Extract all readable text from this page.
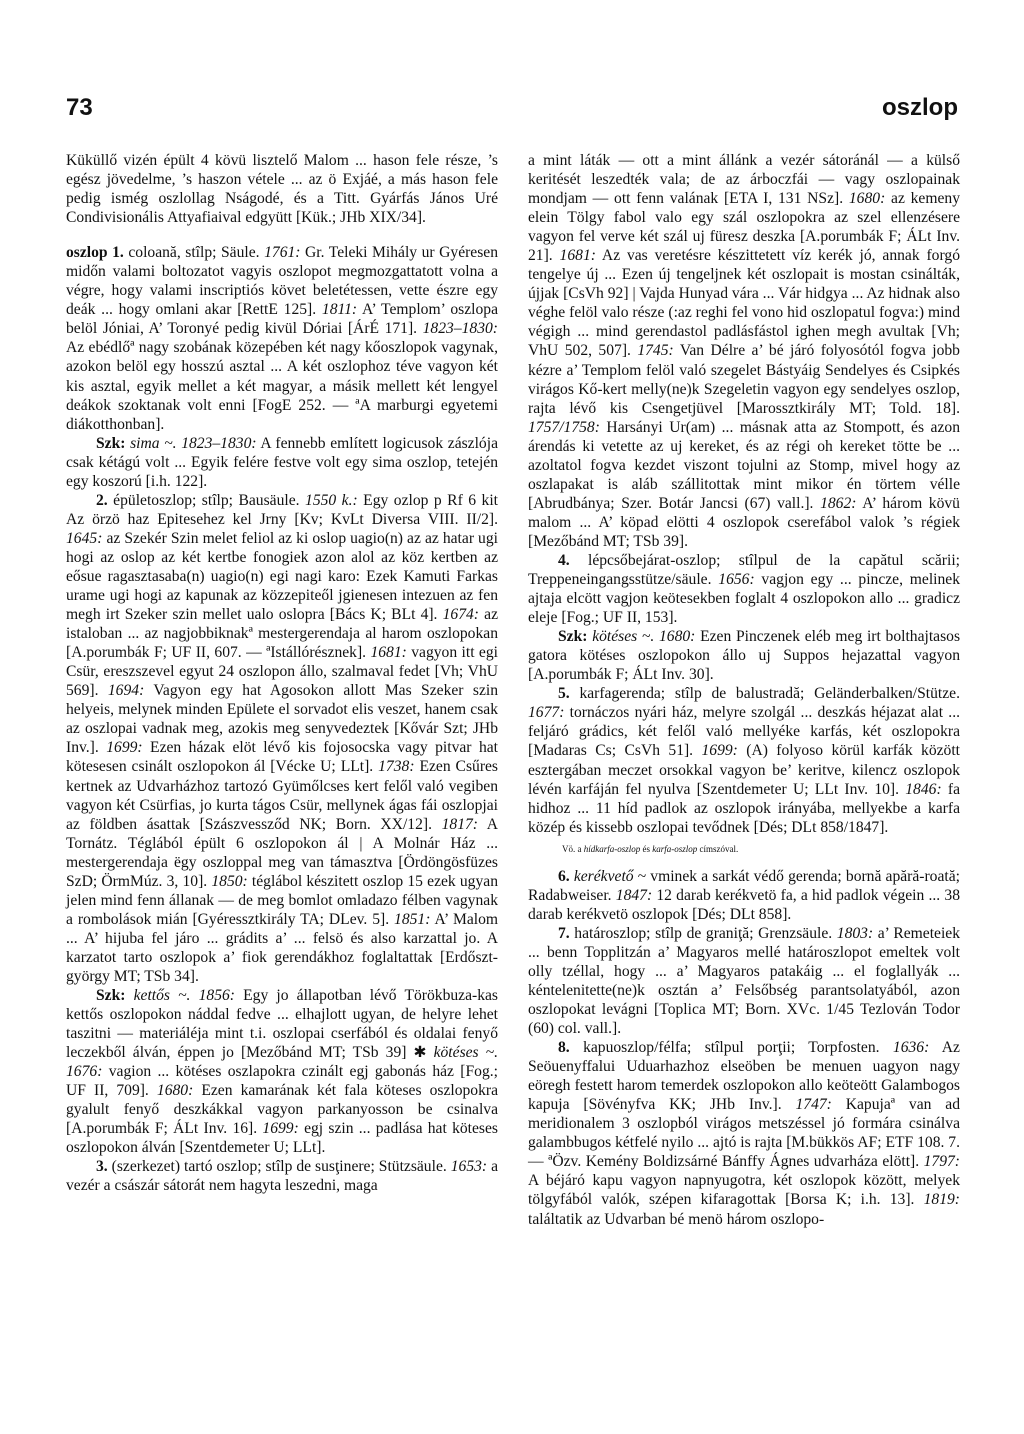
73	oszlop

Küküllő vizén épült 4 kövü lisztelő Malom ... hason fele része, ’s egész jövedelme, ’s haszon vétele ... az ö Exjáé, a más hason fele pedig ismég oszlollag Nságodé, és a Titt. Gyárfás János Uré Condivisionális Attyafiaival edgyütt [Kük.; JHb XIX/34].

oszlop 1. coloană, stîlp; Säule. 1761: Gr. Teleki Mihály ur Gyéresen midőn valami boltozatot vagyis oszlopot megmozgattatott volna a végre, hogy valami inscriptiós követ beletétessen, vette észre egy deák ... hogy omlani akar [RettE 125]. 1811: A’ Templom’ oszlopa belöl Jóniai, A’ Toronyé pedig kivül Dóriai [ÁrÉ 171]. 1823–1830: Az ebédlőª nagy szobának közepében két nagy kőoszlopok vagynak, azokon belöl egy hosszú asztal ... A két oszlophoz téve vagyon két kis asztal, egyik mellet a két magyar, a másik mellett két lengyel deákok szoktanak volt enni [FogE 252. — ªA marburgi egyetemi diákotthonban].

Szk: sima ~. 1823–1830: A fennebb említett logicusok zászlója csak kétágú volt ... Egyik felére festve volt egy sima oszlop, tetején egy koszorú [i.h. 122].

2. épületoszlop; stîlp; Bausäule. 1550 k.: Egy ozlop p Rf 6 kit Az örzö haz Epitesehez kel Jrny [Kv; KvLt Diversa VIII. II/2]. 1645: az Szekér Szin melet feliol az ki oslop uagio(n) az az hatar ugi hogi az oslop az két kertbe fonogiek azon alol az köz kertben az eősue ragasztasaba(n) uagio(n) egi nagi karo: Ezek Kamuti Farkas urame ugi hogi az kapunak az közzepiteől jgienesen intezuen az fen megh irt Szeker szin mellet ualo oslopra [Bács K; BLt 4]. 1674: az istaloban ... az nagjobbiknakª mestergerendaja al harom oszlopokan [A.porumbák F; UF II, 607. — ªIstállórésznek]. 1681: vagyon itt egi Csür, ereszszevel egyut 24 oszlopon állo, szalmaval fedet [Vh; VhU 569]. 1694: Vagyon egy hat Agosokon allott Mas Szeker szin helyeis, melynek minden Epülete el sorvadot elis veszet, hanem csak az oszlopai vadnak meg, azokis meg senyvedeztek [Kővár Szt; JHb Inv.]. 1699: Ezen házak elöt lévő kis fojosocska vagy pitvar hat kötesesen csinált oszlopokon ál [Vécke U; LLt]. 1738: Ezen Csűres kertnek az Udvarházhoz tartozó Gyümőlcses kert felől való vegiben vagyon két Csürfias, jo kurta tágos Csür, mellynek ágas fái oszlopjai az földben ásattak [Szászvessződ NK; Born. XX/12]. 1817: A Tornátz. Téglából épült 6 oszlopokon ál | A Molnár Ház ... mestergerendaja ëgy oszloppal meg van támasztva [Ördöngösfüzes SzD; ÖrmMúz. 3, 10]. 1850: téglábol készitett oszlop 15 ezek ugyan jelen mind fenn állanak — de meg bomlot omladazo félben vagynak a rombolások mián [Gyéressztkirály TA; DLev. 5]. 1851: A’ Malom ... A’ hijuba fel járo ... grádits a’ ... felsö és also karzattal jo. A karzatot tarto oszlopok a’ fiok gerendákhoz foglaltattak [Erdősztgyörgy MT; TSb 34].

Szk: kettős ~. 1856: Egy jo állapotban lévő Törökbuza-kas kettős oszlopokon náddal fedve ... elhajlott ugyan, de helyre lehet taszitni — materiáléja mint t.i. oszlopai cserfából és oldalai fenyő leczekből álván, éppen jo [Mezőbánd MT; TSb 39] ✱ kötéses ~. 1676: vagion ... kötéses oszlapokra czinált egj gabonás ház [Fog.; UF II, 709]. 1680: Ezen kamarának két fala köteses oszlopokra gyalult fenyő deszkákkal vagyon parkanyosson be csinalva [A.porumbák F; ÁLt Inv. 16]. 1699: egj szin ... padlása hat köteses oszlopokon álván [Szentdemeter U; LLt].

3. (szerkezet) tartó oszlop; stîlp de susţinere; Stützsäule. 1653: a vezér a császár sátorát nem hagyta leszedni, maga

a mint láták — ott a mint állánk a vezér sátoránál — a külső keritését leszedték vala; de az árboczfái — vagy oszlopainak mondjam — ott fenn valának [ETA I, 131 NSz]. 1680: az kemeny elein Tölgy fabol valo egy szál oszlopokra az szel ellenzésere vagyon fel verve két szál uj füresz deszka [A.porumbák F; ÁLt Inv. 21]. 1681: Az vas veretésre készittetett víz kerék jó, annak forgó tengelye új ... Ezen új tengeljnek két oszlopait is mostan csinálták, újjak [CsVh 92] | Vajda Hunyad vára ... Vár hidgya ... Az hidnak also véghe felöl valo része (:az reghi fel vono hid oszlopatul fogva:) mind végigh ... mind gerendastol padlásfástol ighen megh avultak [Vh; VhU 502, 507]. 1745: Van Délre a’ bé járó folyosótól fogva jobb kézre a’ Templom felöl való szegelet Bástyáig Sendelyes és Csipkés virágos Kő-kert melly(ne)k Szegeletin vagyon egy sendelyes oszlop, rajta lévő kis Csengetjüvel [Marossztkirály MT; Told. 18]. 1757/1758: Harsányi Ur(am) ... másnak atta az Stompott, és azon árendás ki vetette az uj kereket, és az régi oh kereket tötte be ... azoltatol fogva kezdet viszont tojulni az Stomp, mivel hogy az oszlapakat is aláb szállitottak mint mikor én törtem vélle [Abrudbánya; Szer. Botár Jancsi (67) vall.]. 1862: A’ három kövü malom ... A’ köpad elötti 4 oszlopok cserefábol valok ’s régiek [Mezőbánd MT; TSb 39].

4. lépcsőbejárat-oszlop; stîlpul de la capătul scării; Treppeneingangsstütze/säule. 1656: vagjon egy ... pincze, melinek ajtaja elcött vagjon keötesekben foglalt 4 oszlopokon allo ... gradicz eleje [Fog.; UF II, 153].

Szk: kötéses ~. 1680: Ezen Pinczenek eléb meg irt bolthajtasos gatora kötéses oszlopokon állo uj Suppos hejazattal vagyon [A.porumbák F; ÁLt Inv. 30].

5. karfagerenda; stîlp de balustradă; Geländerbalken/Stütze. 1677: tornáczos nyári ház, melyre szolgál ... deszkás héjazat alat ... feljáró grádics, két felől való mellyéke karfás, két oszlopokra [Madaras Cs; CsVh 51]. 1699: (A) folyoso körül karfák között esztergában meczet orsokkal vagyon be’ keritve, kilencz oszlopok lévén karfáján fel nyulva [Szentdemeter U; LLt Inv. 10]. 1846: fa hidhoz ... 11 híd padlok az oszlopok irányába, mellyekbe a karfa közép és kissebb oszlopai tevődnek [Dés; DLt 858/1847].

Vö. a hídkarfa-oszlop és karfa-oszlop címszóval.

6. kerékvető ~ vminek a sarkát védő gerenda; bornă apără-roată; Radabweiser. 1847: 12 darab kerékvetö fa, a hid padlok végein ... 38 darab kerékvetö oszlopok [Dés; DLt 858].

7. határoszlop; stîlp de graniţă; Grenzsäule. 1803: a’ Remeteiek ... benn Topplitzán a’ Magyaros mellé határoszlopot emeltek volt olly tzéllal, hogy ... a’ Magyaros patakáig ... el foglallyák ... kéntelenitette(ne)k osztán a’ Felsőbség parantsolatyából, azon oszlopokat levágni [Toplica MT; Born. XVc. 1/45 Tezlován Todor (60) col. vall.].

8. kapuoszlop/félfa; stîlpul porţii; Torpfosten. 1636: Az Seöuenyffalui Uduarhazhoz elseöben be menuen uagyon nagy eöregh festett harom temerdek oszlopokon allo keöteött Galambogos kapuja [Sövényfva KK; JHb Inv.]. 1747: Kapujaª van ad meridionalem 3 oszlopból virágos metszéssel jó formára csinálva galambbugos kétfelé nyilo ... ajtó is rajta [M.bükkös AF; ETF 108. 7. — ªÖzv. Kemény Boldizsárné Bánffy Ágnes udvarháza elött]. 1797: A béjáró kapu vagyon napnyugotra, két oszlopok között, melyek tölgyfából valók, szépen kifaragottak [Borsa K; i.h. 13]. 1819: találtatik az Udvarban bé menö három oszlopo-
